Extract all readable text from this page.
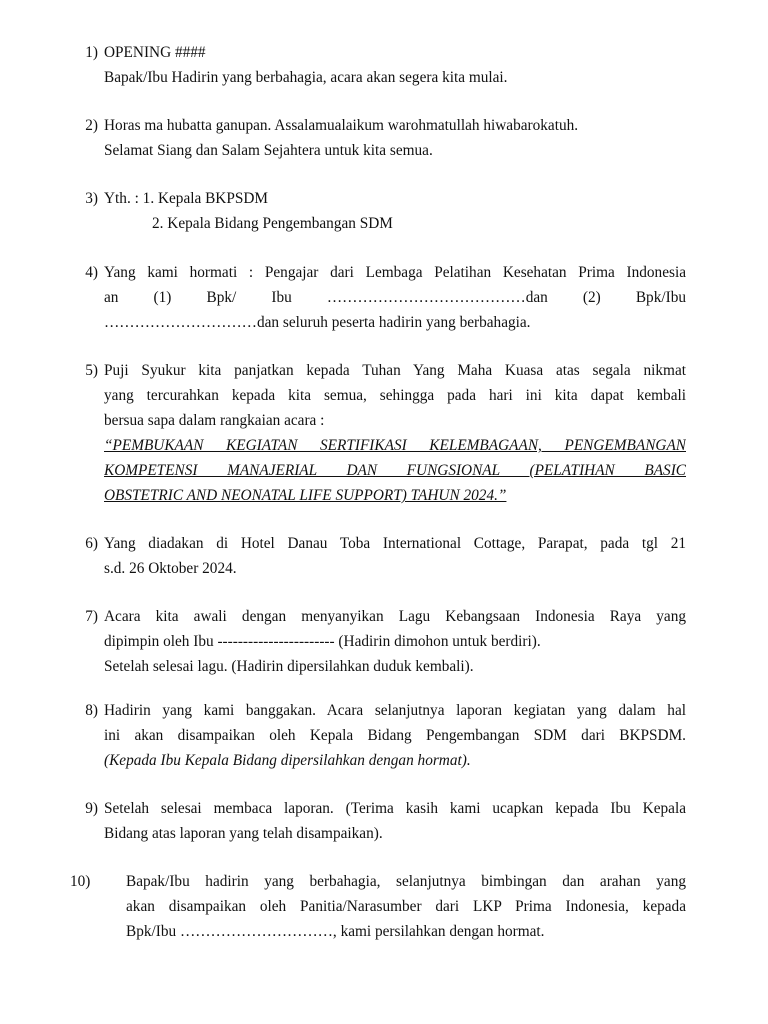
1) OPENING ####
Bapak/Ibu Hadirin yang berbahagia, acara akan segera kita mulai.
2) Horas ma hubatta ganupan. Assalamualaikum warohmatullah hiwabarokatuh.
Selamat Siang dan Salam Sejahtera untuk kita semua.
3) Yth. : 1. Kepala BKPSDM
2. Kepala Bidang Pengembangan SDM
4) Yang kami hormati : Pengajar dari Lembaga Pelatihan Kesehatan Prima Indonesia
an (1) Bpk/ Ibu …………………………………dan (2) Bpk/Ibu
…………………………dan seluruh peserta hadirin yang berbahagia.
5) Puji Syukur kita panjatkan kepada Tuhan Yang Maha Kuasa atas segala nikmat
yang tercurahkan kepada kita semua, sehingga pada hari ini kita dapat kembali
bersua sapa dalam rangkaian acara :
“PEMBUKAAN KEGIATAN SERTIFIKASI KELEMBAGAAN, PENGEMBANGAN
KOMPETENSI MANAJERIAL DAN FUNGSIONAL (PELATIHAN BASIC
OBSTETRIC AND NEONATAL LIFE SUPPORT) TAHUN 2024.”
6) Yang diadakan di Hotel Danau Toba International Cottage, Parapat, pada tgl 21
s.d. 26 Oktober 2024.
7) Acara kita awali dengan menyanyikan Lagu Kebangsaan Indonesia Raya yang
dipimpin oleh Ibu ----------------------- (Hadirin dimohon untuk berdiri).
Setelah selesai lagu. (Hadirin dipersilahkan duduk kembali).
8) Hadirin yang kami banggakan. Acara selanjutnya laporan kegiatan yang dalam hal
ini akan disampaikan oleh Kepala Bidang Pengembangan SDM dari BKPSDM.
(Kepada Ibu Kepala Bidang dipersilahkan dengan hormat).
9) Setelah selesai membaca laporan. (Terima kasih kami ucapkan kepada Ibu Kepala
Bidang atas laporan yang telah disampaikan).
10) Bapak/Ibu hadirin yang berbahagia, selanjutnya bimbingan dan arahan yang
akan disampaikan oleh Panitia/Narasumber dari LKP Prima Indonesia, kepada
Bpk/Ibu …………………………, kami persilahkan dengan hormat.
